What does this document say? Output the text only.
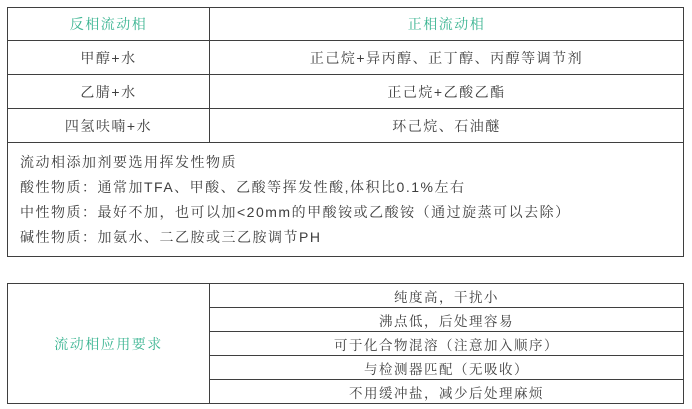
反相流动相	正相流动相
甲醇+水	正己烷+异丙醇、正丁醇、丙醇等调节剂
乙腈+水	正己烷+乙酸乙酯
四氢呋喃+水	环己烷、石油醚

流动相添加剂要选用挥发性物质
酸性物质：通常加TFA、甲酸、乙酸等挥发性酸,体积比0.1%左右
中性物质：最好不加，也可以加<20mm的甲酸铵或乙酸铵（通过旋蒸可以去除）
碱性物质：加氨水、二乙胺或三乙胺调节PH	
流动相应用要求	纯度高，干扰小
沸点低，后处理容易
可于化合物混溶（注意加入顺序）
与检测器匹配（无吸收）
不用缓冲盐，减少后处理麻烦
